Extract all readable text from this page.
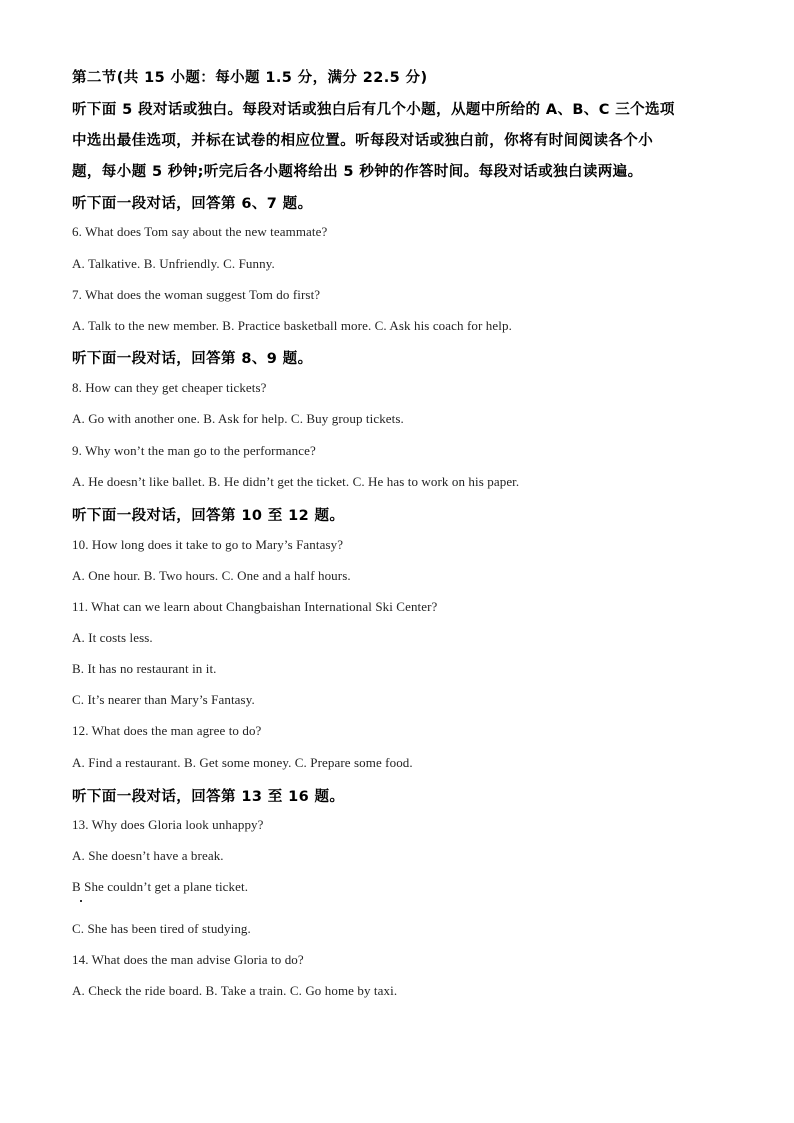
第二节(共 15 小题：每小题 1.5 分，满分 22.5 分)
听下面 5 段对话或独白。每段对话或独白后有几个小题，从题中所给的 A、B、C 三个选项
中选出最佳选项，并标在试卷的相应位置。听每段对话或独白前，你将有时间阅读各个小
题，每小题 5 秒钟;听完后各小题将给出 5 秒钟的作答时间。每段对话或独白读两遍。
听下面一段对话，回答第 6、7 题。
6. What does Tom say about the new teammate?
A. Talkative. B. Unfriendly. C. Funny.
7. What does the woman suggest Tom do first?
A. Talk to the new member. B. Practice basketball more. C. Ask his coach for help.
听下面一段对话，回答第 8、9 题。
8. How can they get cheaper tickets?
A. Go with another one. B. Ask for help. C. Buy group tickets.
9. Why won’t the man go to the performance?
A. He doesn’t like ballet. B. He didn’t get the ticket. C. He has to work on his paper.
听下面一段对话，回答第 10 至 12 题。
10. How long does it take to go to Mary’s Fantasy?
A. One hour. B. Two hours. C. One and a half hours.
11. What can we learn about Changbaishan International Ski Center?
A. It costs less.
B. It has no restaurant in it.
C. It’s nearer than Mary’s Fantasy.
12. What does the man agree to do?
A. Find a restaurant. B. Get some money. C. Prepare some food.
听下面一段对话，回答第 13 至 16 题。
13. Why does Gloria look unhappy?
A. She doesn’t have a break.
B She couldn’t get a plane ticket.
C. She has been tired of studying.
14. What does the man advise Gloria to do?
A. Check the ride board. B. Take a train. C. Go home by taxi.
